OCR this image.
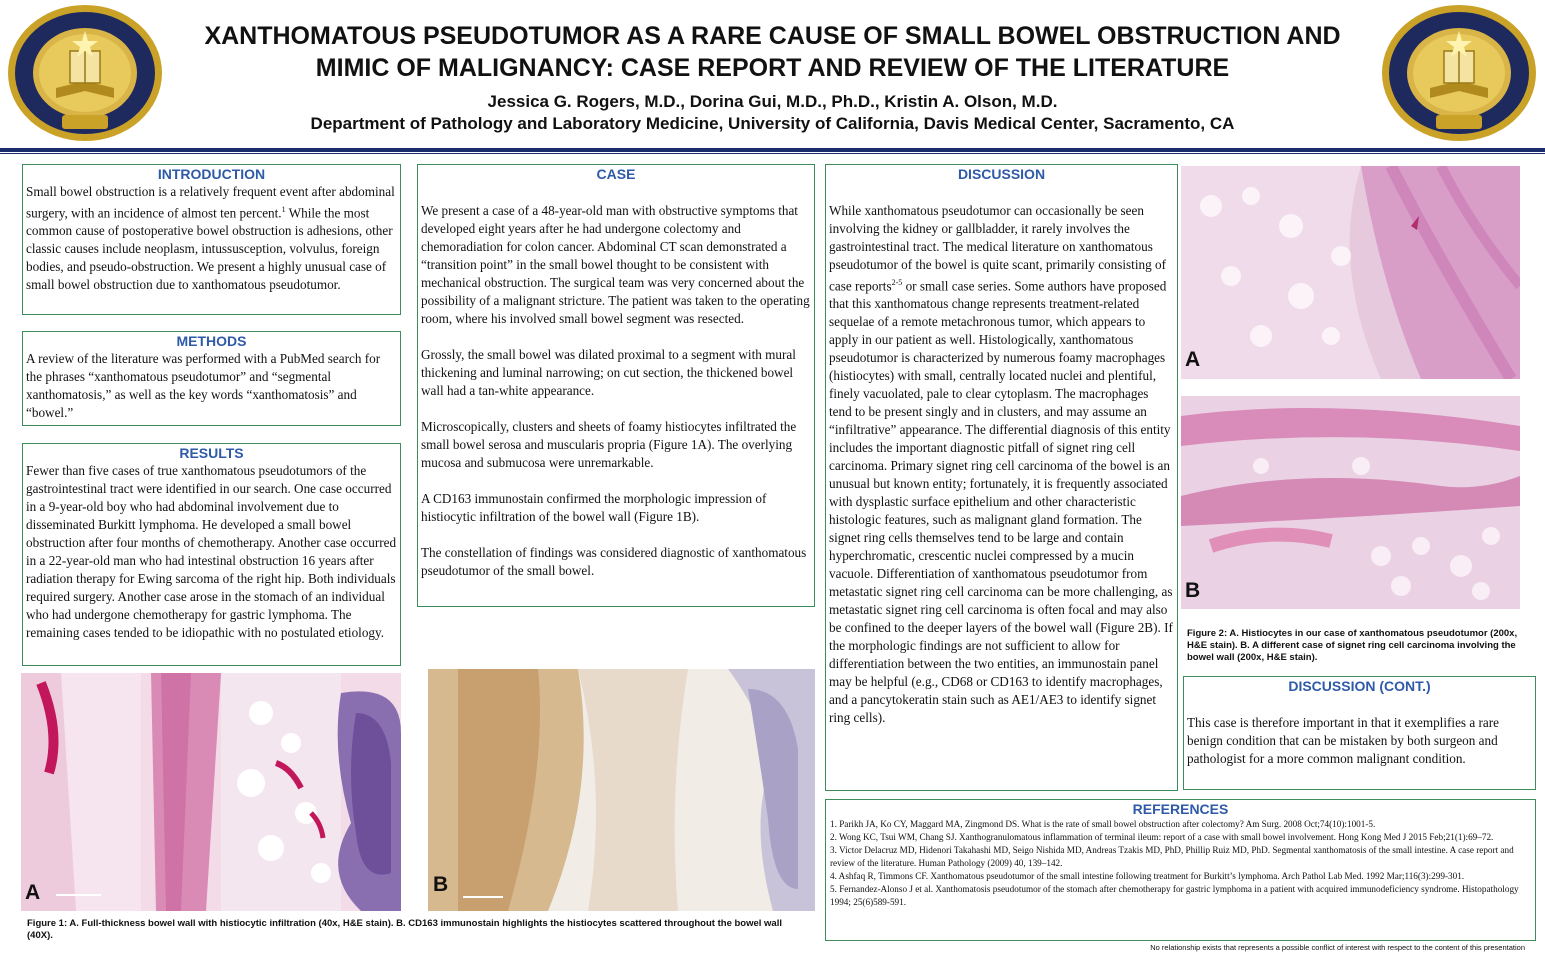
XANTHOMATOUS PSEUDOTUMOR AS A RARE CAUSE OF SMALL BOWEL OBSTRUCTION AND MIMIC OF MALIGNANCY: CASE REPORT AND REVIEW OF THE LITERATURE
Jessica G. Rogers, M.D., Dorina Gui, M.D., Ph.D., Kristin A. Olson, M.D.
Department of Pathology and Laboratory Medicine, University of California, Davis Medical Center, Sacramento, CA
INTRODUCTION

Small bowel obstruction is a relatively frequent event after abdominal surgery, with an incidence of almost ten percent.$^1$ While the most common cause of postoperative bowel obstruction is adhesions, other classic causes include neoplasm, intussusception, volvulus, foreign bodies, and pseudo-obstruction. We present a highly unusual case of small bowel obstruction due to xanthomatous pseudotumor.

METHODS

A review of the literature was performed with a PubMed search for the phrases “xanthomatous pseudotumor” and “segmental xanthomatosis,” as well as the key words “xanthomatosis” and “bowel.”

RESULTS

Fewer than five cases of true xanthomatous pseudotumors of the gastrointestinal tract were identified in our search. One case occurred in a 9-year-old boy who had abdominal involvement due to disseminated Burkitt lymphoma. He developed a small bowel obstruction after four months of chemotherapy. Another case occurred in a 22-year-old man who had intestinal obstruction 16 years after radiation therapy for Ewing sarcoma of the right hip. Both individuals required surgery. Another case arose in the stomach of an individual who had undergone chemotherapy for gastric lymphoma. The remaining cases tended to be idiopathic with no postulated etiology.

CASE

We present a case of a 48-year-old man with obstructive symptoms that developed eight years after he had undergone colectomy and chemoradiation for colon cancer. Abdominal CT scan demonstrated a “transition point” in the small bowel thought to be consistent with mechanical obstruction. The surgical team was very concerned about the possibility of a malignant stricture. The patient was taken to the operating room, where his involved small bowel segment was resected.

Grossly, the small bowel was dilated proximal to a segment with mural thickening and luminal narrowing; on cut section, the thickened bowel wall had a tan-white appearance.

Microscopically, clusters and sheets of foamy histiocytes infiltrated the small bowel serosa and muscularis propria (Figure 1A). The overlying mucosa and submucosa were unremarkable.

A CD163 immunostain confirmed the morphologic impression of histiocytic infiltration of the bowel wall (Figure 1B).

The constellation of findings was considered diagnostic of xanthomatous pseudotumor of the small bowel.

DISCUSSION

While xanthomatous pseudotumor can occasionally be seen involving the kidney or gallbladder, it rarely involves the gastrointestinal tract. The medical literature on xanthomatous pseudotumor of the bowel is quite scant, primarily consisting of case reports$^{2-5}$ or small case series. Some authors have proposed that this xanthomatous change represents treatment-related sequelae of a remote metachronous tumor, which appears to apply in our patient as well. Histologically, xanthomatous pseudotumor is characterized by numerous foamy macrophages (histiocytes) with small, centrally located nuclei and plentiful, finely vacuolated, pale to clear cytoplasm. The macrophages tend to be present singly and in clusters, and may assume an “infiltrative” appearance. The differential diagnosis of this entity includes the important diagnostic pitfall of signet ring cell carcinoma. Primary signet ring cell carcinoma of the bowel is an unusual but known entity; fortunately, it is frequently associated with dysplastic surface epithelium and other characteristic histologic features, such as malignant gland formation. The signet ring cells themselves tend to be large and contain hyperchromatic, crescentic nuclei compressed by a mucin vacuole. Differentiation of xanthomatous pseudotumor from metastatic signet ring cell carcinoma can be more challenging, as metastatic signet ring cell carcinoma is often focal and may also be confined to the deeper layers of the bowel wall (Figure 2B). If the morphologic findings are not sufficient to allow for differentiation between the two entities, an immunostain panel may be helpful (e.g., CD68 or CD163 to identify macrophages, and a pancytokeratin stain such as AE1/AE3 to identify signet ring cells).

DISCUSSION (CONT.)

This case is therefore important in that it exemplifies a rare benign condition that can be mistaken by both surgeon and pathologist for a more common malignant condition.

REFERENCES

1. Parikh JA, Ko CY, Maggard MA, Zingmond DS. What is the rate of small bowel obstruction after colectomy? Am Surg. 2008 Oct;74(10):1001-5.

2. Wong KC, Tsui WM, Chang SJ. Xanthogranulomatous inflammation of terminal ileum: report of a case with small bowel involvement. Hong Kong Med J 2015 Feb;21(1):69–72.

3. Victor Delacruz MD, Hidenori Takahashi MD, Seigo Nishida MD, Andreas Tzakis MD, PhD, Phillip Ruiz MD, PhD. Segmental xanthomatosis of the small intestine. A case report and review of the literature. Human Pathology (2009) 40, 139–142.

4. Ashfaq R, Timmons CF. Xanthomatous pseudotumor of the small intestine following treatment for Burkitt’s lymphoma. Arch Pathol Lab Med. 1992 Mar;116(3):299-301.

5. Fernandez-Alonso J et al. Xanthomatosis pseudotumor of the stomach after chemotherapy for gastric lymphoma in a patient with acquired immunodeficiency syndrome. Histopathology 1994; 25(6)589-591.

A	B
Figure 1: A. Full-thickness bowel wall with histiocytic infiltration (40x, H&E stain). B. CD163 immunostain highlights the histiocytes scattered throughout the bowel wall (40X).
A
B
Figure 2: A. Histiocytes in our case of xanthomatous pseudotumor (200x, H&E stain). B. A different case of signet ring cell carcinoma involving the bowel wall (200x, H&E stain).
No relationship exists that represents a possible conflict of interest with respect to the content of this presentation
